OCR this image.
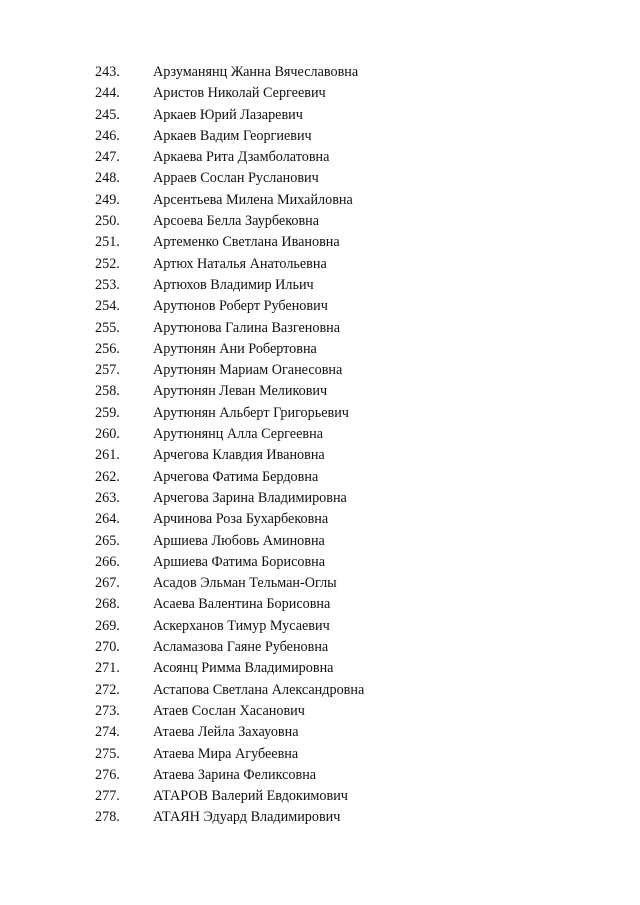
243. Арзуманянц Жанна Вячеславовна
244. Аристов Николай Сергеевич
245. Аркаев Юрий Лазаревич
246. Аркаев Вадим Георгиевич
247. Аркаева Рита Дзамболатовна
248. Арраев Сослан Русланович
249. Арсентьева Милена Михайловна
250. Арсоева Белла Заурбековна
251. Артеменко Светлана Ивановна
252. Артюх Наталья Анатольевна
253. Артюхов Владимир Ильич
254. Арутюнов Роберт Рубенович
255. Арутюнова Галина Вазгеновна
256. Арутюнян Ани Робертовна
257. Арутюнян Мариам Оганесовна
258. Арутюнян Леван Меликович
259. Арутюнян Альберт Григорьевич
260. Арутюнянц Алла Сергеевна
261. Арчегова Клавдия Ивановна
262. Арчегова Фатима Бердовна
263. Арчегова Зарина Владимировна
264. Арчинова Роза Бухарбековна
265. Аршиева Любовь Аминовна
266. Аршиева Фатима Борисовна
267. Асадов Эльман Тельман-Оглы
268. Асаева Валентина Борисовна
269. Аскерханов Тимур Мусаевич
270. Асламазова Гаяне Рубеновна
271. Асоянц Римма Владимировна
272. Астапова Светлана Александровна
273. Атаев Сослан Хасанович
274. Атаева Лейла Захауовна
275. Атаева Мира Агубеевна
276. Атаева Зарина Феликсовна
277. АТАРОВ Валерий Евдокимович
278. АТАЯН Эдуард Владимирович
